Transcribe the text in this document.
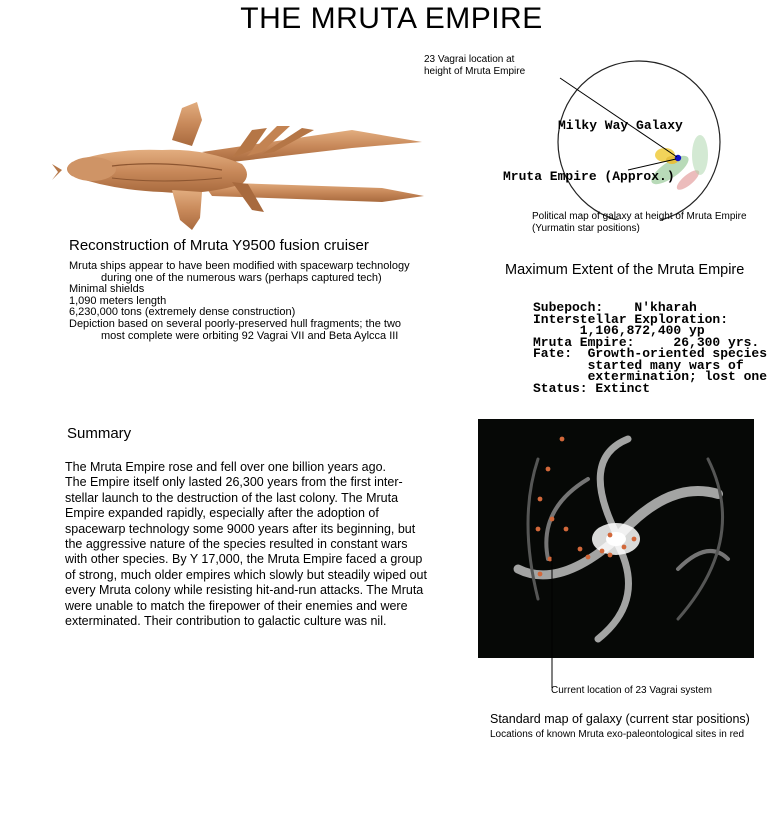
THE MRUTA EMPIRE
Reconstruction of Mruta Y9500 fusion cruiser
Mruta ships appear to have been modified with spacewarp technology
during one of the numerous wars (perhaps captured tech)
Minimal shields
1,090 meters length
6,230,000 tons (extremely dense construction)
Depiction based on several poorly-preserved hull fragments; the two
most complete were orbiting 92 Vagrai VII and Beta Aylcca III
23 Vagrai location at
height of Mruta Empire
Milky Way Galaxy
Mruta Empire (Approx.)
Political map of galaxy at height of Mruta Empire
(Yurmatin star positions)
Maximum Extent of the Mruta Empire
Subepoch:    N'kharah
Interstellar Exploration:
1,106,872,400 yp
Mruta Empire:     26,300 yrs.
Fate:  Growth-oriented species
started many wars of
extermination; lost one
Status: Extinct
Summary
The Mruta Empire rose and fell over one billion years ago.
The Empire itself only lasted 26,300 years from the first inter-
stellar launch to the destruction of the last colony. The Mruta
Empire expanded rapidly, especially after the adoption of
spacewarp technology some 9000 years after its beginning, but
the aggressive nature of the species resulted in constant wars
with other species. By Y 17,000, the Mruta Empire faced a group
of strong, much older empires which slowly but steadily wiped out
every Mruta colony while resisting hit-and-run attacks. The Mruta
were unable to match the firepower of their enemies and were
exterminated. Their contribution to galactic culture was nil.
Current location of 23 Vagrai system
Standard map of galaxy (current star positions)
Locations of known Mruta exo-paleontological sites in red
